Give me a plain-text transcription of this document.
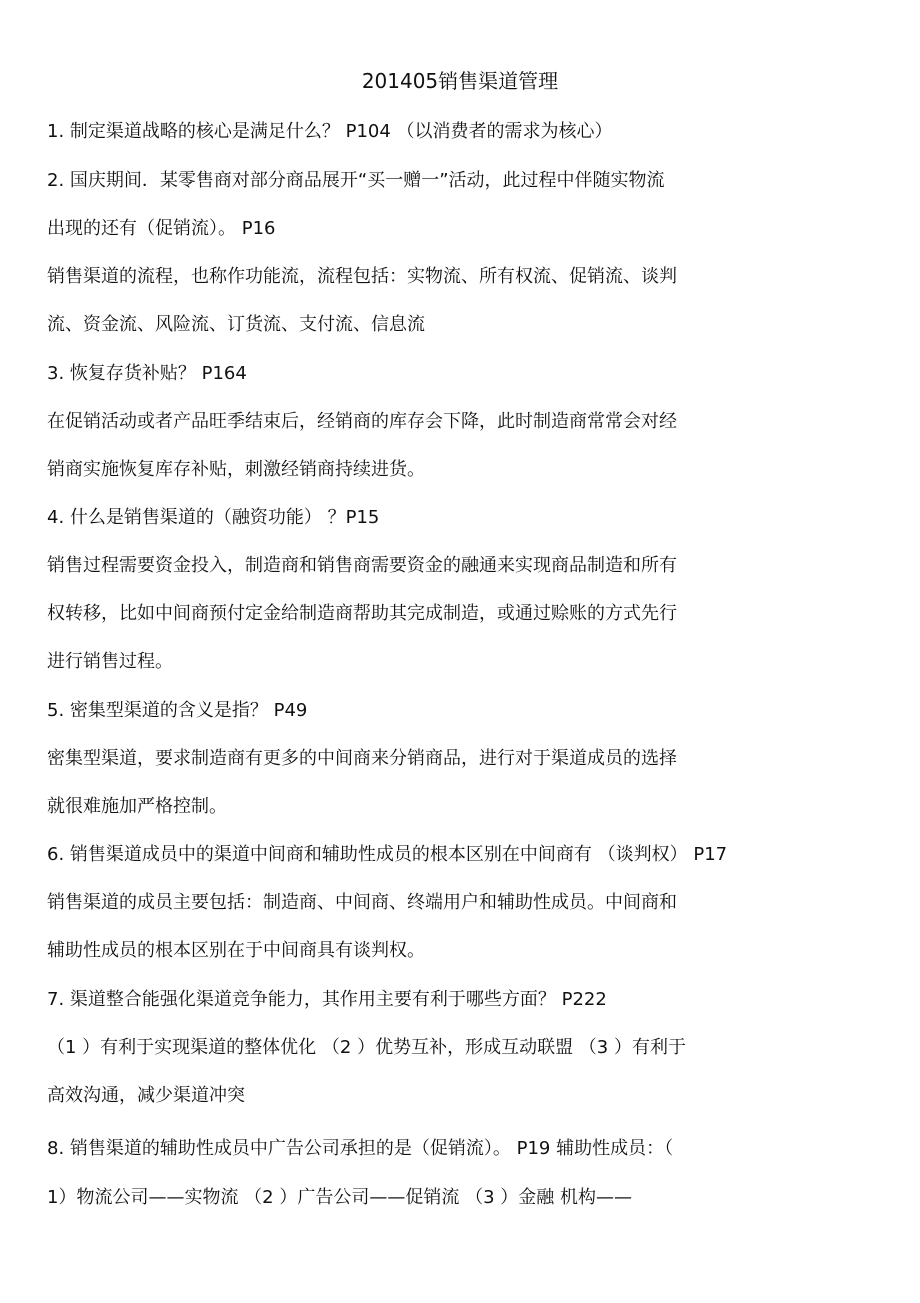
201405销售渠道管理
1. 制定渠道战略的核心是满足什么？ P104 （以消费者的需求为核心）
2. 国庆期间．某零售商对部分商品展开“买一赠一”活动，此过程中伴随实物流
出现的还有（促销流）。 P16
销售渠道的流程，也称作功能流，流程包括：实物流、所有权流、促销流、谈判
流、资金流、风险流、订货流、支付流、信息流
3. 恢复存货补贴？ P164
在促销活动或者产品旺季结束后，经销商的库存会下降，此时制造商常常会对经
销商实施恢复库存补贴，刺激经销商持续进货。
4. 什么是销售渠道的（融资功能） ？P15
销售过程需要资金投入，制造商和销售商需要资金的融通来实现商品制造和所有
权转移，比如中间商预付定金给制造商帮助其完成制造，或通过赊账的方式先行
进行销售过程。
5. 密集型渠道的含义是指？ P49
密集型渠道，要求制造商有更多的中间商来分销商品，进行对于渠道成员的选择
就很难施加严格控制。
6. 销售渠道成员中的渠道中间商和辅助性成员的根本区别在中间商有 （谈判权） P17
销售渠道的成员主要包括：制造商、中间商、终端用户和辅助性成员。中间商和
辅助性成员的根本区别在于中间商具有谈判权。
7. 渠道整合能强化渠道竞争能力，其作用主要有利于哪些方面？ P222
（1 ）有利于实现渠道的整体优化 （2 ）优势互补，形成互动联盟 （3 ）有利于
高效沟通，减少渠道冲突
8. 销售渠道的辅助性成员中广告公司承担的是（促销流）。 P19 辅助性成员：（
1）物流公司——实物流 （2 ）广告公司——促销流 （3 ）金融 机构——
